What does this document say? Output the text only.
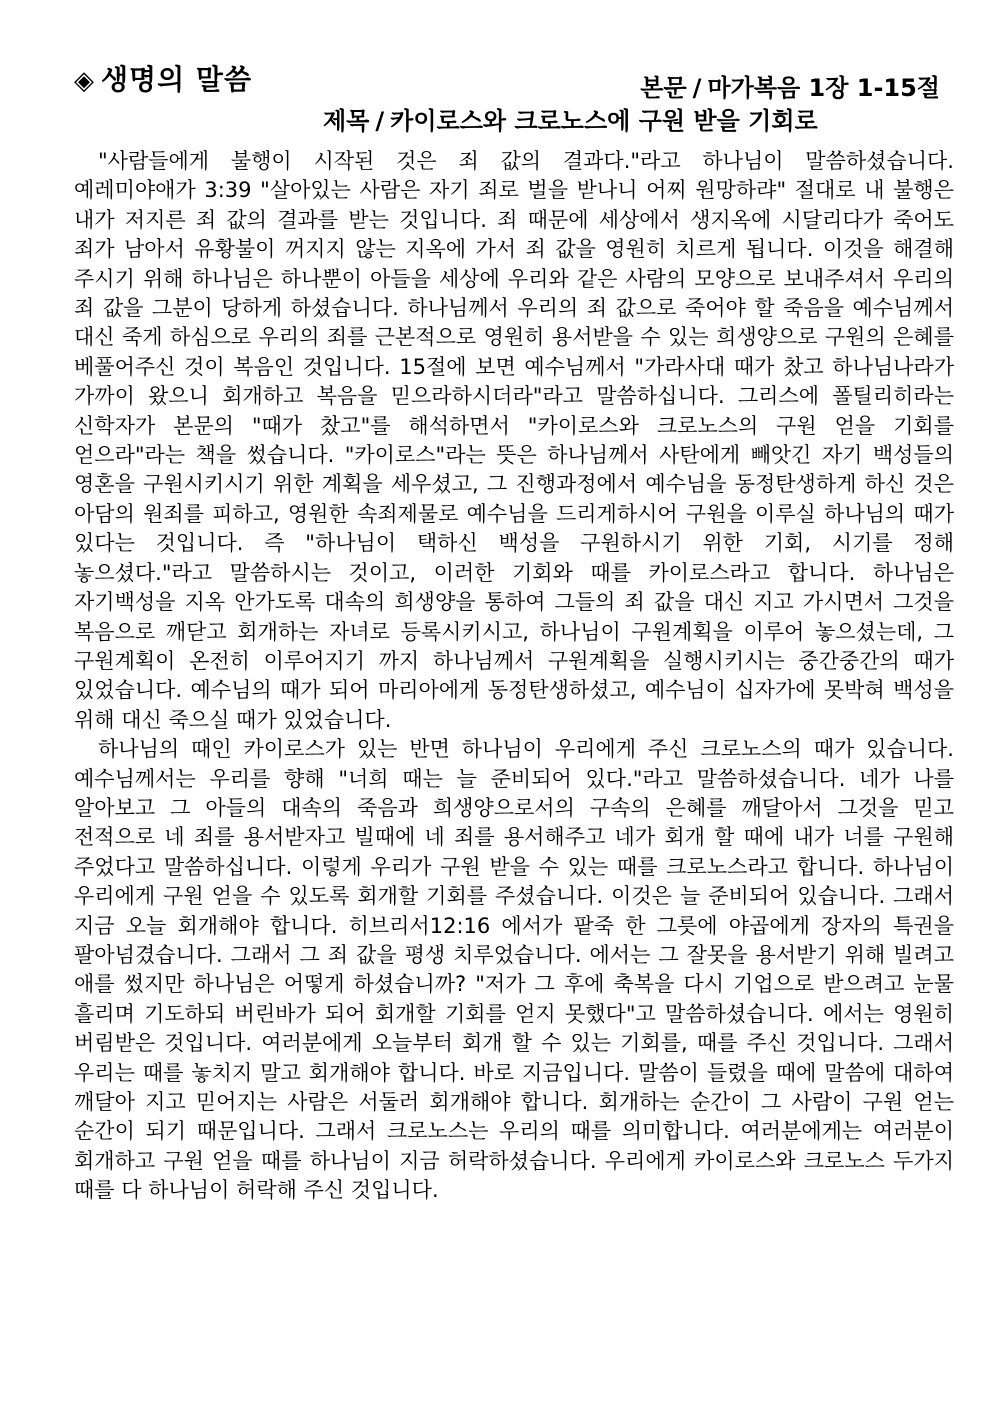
◈ 생명의 말씀	본문 / 마가복음 1장 1-15절
제목 / 카이로스와 크로노스에 구원 받을 기회로

"사람들에게 불행이 시작된 것은 죄 값의 결과다."라고 하나님이 말씀하셨습니다. 예레미야애가 3:39 "살아있는 사람은 자기 죄로 벌을 받나니 어찌 원망하랴" 절대로 내 불행은 내가 저지른 죄 값의 결과를 받는 것입니다. 죄 때문에 세상에서 생지옥에 시달리다가 죽어도 죄가 남아서 유황불이 꺼지지 않는 지옥에 가서 죄 값을 영원히 치르게 됩니다. 이것을 해결해 주시기 위해 하나님은 하나뿐이 아들을 세상에 우리와 같은 사람의 모양으로 보내주셔서 우리의 죄 값을 그분이 당하게 하셨습니다. 하나님께서 우리의 죄 값으로 죽어야 할 죽음을 예수님께서 대신 죽게 하심으로 우리의 죄를 근본적으로 영원히 용서받을 수 있는 희생양으로 구원의 은혜를 베풀어주신 것이 복음인 것입니다. 15절에 보면 예수님께서 "가라사대 때가 찼고 하나님나라가 가까이 왔으니 회개하고 복음을 믿으라하시더라"라고 말씀하십니다. 그리스에 폴틸리히라는 신학자가 본문의 "때가 찼고"를 해석하면서 "카이로스와 크로노스의 구원 얻을 기회를 얻으라"라는 책을 썼습니다. "카이로스"라는 뜻은 하나님께서 사탄에게 빼앗긴 자기 백성들의 영혼을 구원시키시기 위한 계획을 세우셨고, 그 진행과정에서 예수님을 동정탄생하게 하신 것은 아담의 원죄를 피하고, 영원한 속죄제물로 예수님을 드리게하시어 구원을 이루실 하나님의 때가 있다는 것입니다. 즉 "하나님이 택하신 백성을 구원하시기 위한 기회, 시기를 정해 놓으셨다."라고 말씀하시는 것이고, 이러한 기회와 때를 카이로스라고 합니다. 하나님은 자기백성을 지옥 안가도록 대속의 희생양을 통하여 그들의 죄 값을 대신 지고 가시면서 그것을 복음으로 깨닫고 회개하는 자녀로 등록시키시고, 하나님이 구원계획을 이루어 놓으셨는데, 그 구원계획이 온전히 이루어지기 까지 하나님께서 구원계획을 실행시키시는 중간중간의 때가 있었습니다. 예수님의 때가 되어 마리아에게 동정탄생하셨고, 예수님이 십자가에 못박혀 백성을 위해 대신 죽으실 때가 있었습니다.

하나님의 때인 카이로스가 있는 반면 하나님이 우리에게 주신 크로노스의 때가 있습니다. 예수님께서는 우리를 향해 "너희 때는 늘 준비되어 있다."라고 말씀하셨습니다. 네가 나를 알아보고 그 아들의 대속의 죽음과 희생양으로서의 구속의 은혜를 깨달아서 그것을 믿고 전적으로 네 죄를 용서받자고 빌때에 네 죄를 용서해주고 네가 회개 할 때에 내가 너를 구원해 주었다고 말씀하십니다. 이렇게 우리가 구원 받을 수 있는 때를 크로노스라고 합니다. 하나님이 우리에게 구원 얻을 수 있도록 회개할 기회를 주셨습니다. 이것은 늘 준비되어 있습니다. 그래서 지금 오늘 회개해야 합니다. 히브리서12:16 에서가 팥죽 한 그릇에 야곱에게 장자의 특권을 팔아넘겼습니다. 그래서 그 죄 값을 평생 치루었습니다. 에서는 그 잘못을 용서받기 위해 빌려고 애를 썼지만 하나님은 어떻게 하셨습니까? "저가 그 후에 축복을 다시 기업으로 받으려고 눈물 흘리며 기도하되 버린바가 되어 회개할 기회를 얻지 못했다"고 말씀하셨습니다. 에서는 영원히 버림받은 것입니다. 여러분에게 오늘부터 회개 할 수 있는 기회를, 때를 주신 것입니다. 그래서 우리는 때를 놓치지 말고 회개해야 합니다. 바로 지금입니다. 말씀이 들렸을 때에 말씀에 대하여 깨달아 지고 믿어지는 사람은 서둘러 회개해야 합니다. 회개하는 순간이 그 사람이 구원 얻는 순간이 되기 때문입니다. 그래서 크로노스는 우리의 때를 의미합니다. 여러분에게는 여러분이 회개하고 구원 얻을 때를 하나님이 지금 허락하셨습니다. 우리에게 카이로스와 크로노스 두가지 때를 다 하나님이 허락해 주신 것입니다.
